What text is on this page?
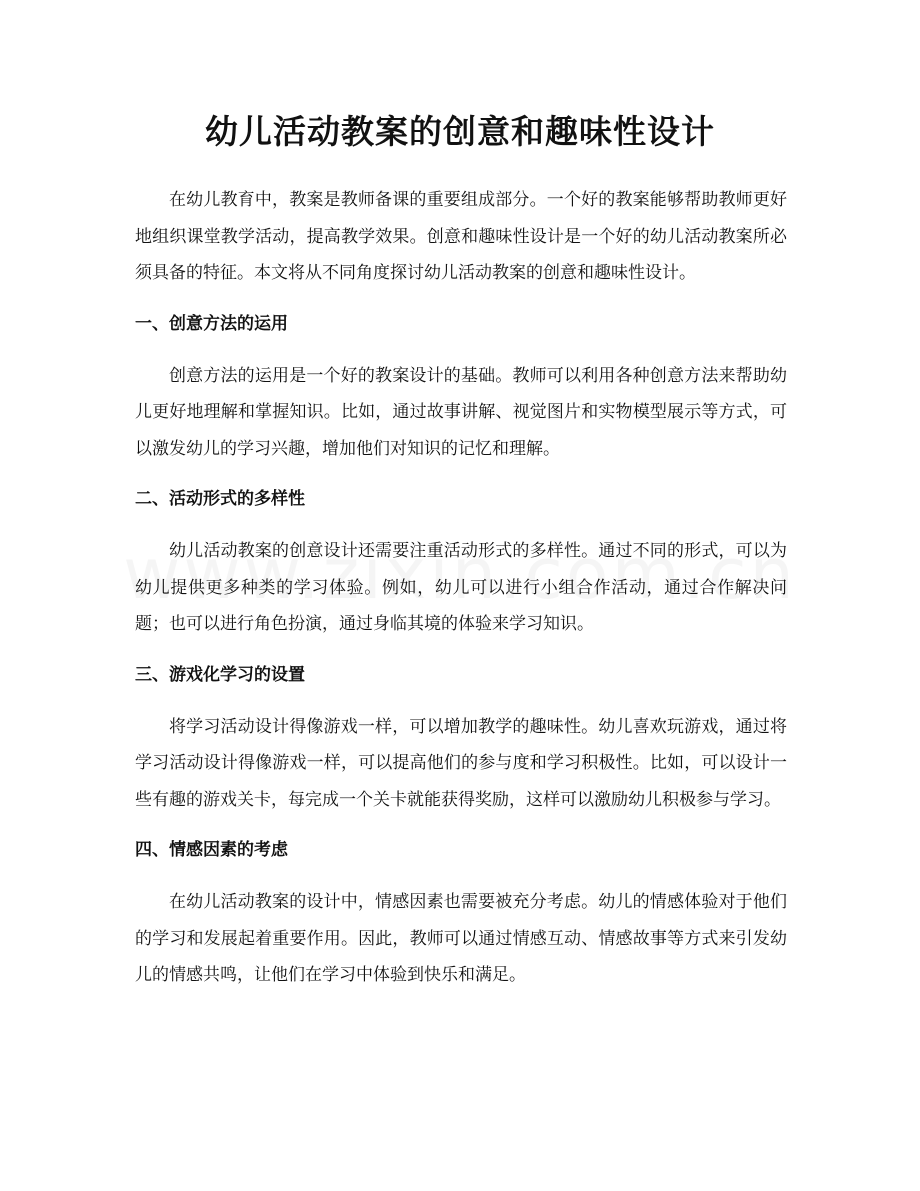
幼儿活动教案的创意和趣味性设计

在幼儿教育中，教案是教师备课的重要组成部分。一个好的教案能够帮助教师更好地组织课堂教学活动，提高教学效果。创意和趣味性设计是一个好的幼儿活动教案所必须具备的特征。本文将从不同角度探讨幼儿活动教案的创意和趣味性设计。

一、创意方法的运用

创意方法的运用是一个好的教案设计的基础。教师可以利用各种创意方法来帮助幼儿更好地理解和掌握知识。比如，通过故事讲解、视觉图片和实物模型展示等方式，可以激发幼儿的学习兴趣，增加他们对知识的记忆和理解。

二、活动形式的多样性

幼儿活动教案的创意设计还需要注重活动形式的多样性。通过不同的形式，可以为幼儿提供更多种类的学习体验。例如，幼儿可以进行小组合作活动，通过合作解决问题；也可以进行角色扮演，通过身临其境的体验来学习知识。

三、游戏化学习的设置

将学习活动设计得像游戏一样，可以增加教学的趣味性。幼儿喜欢玩游戏，通过将学习活动设计得像游戏一样，可以提高他们的参与度和学习积极性。比如，可以设计一些有趣的游戏关卡，每完成一个关卡就能获得奖励，这样可以激励幼儿积极参与学习。

四、情感因素的考虑

在幼儿活动教案的设计中，情感因素也需要被充分考虑。幼儿的情感体验对于他们的学习和发展起着重要作用。因此，教师可以通过情感互动、情感故事等方式来引发幼儿的情感共鸣，让他们在学习中体验到快乐和满足。
